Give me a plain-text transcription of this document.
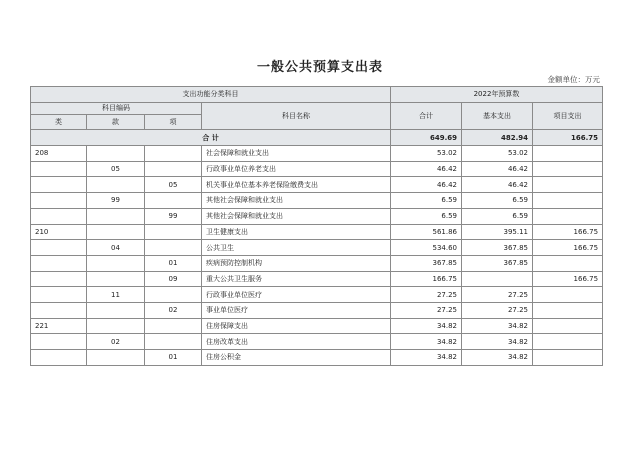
一般公共预算支出表
金额单位：万元
支出功能分类科目				2022年预算数		
科目编码			科目名称	合计	基本支出	项目支出
类	款	项				
合 计				649.69	482.94	166.75
208			社会保障和就业支出	53.02	53.02	
	05		行政事业单位养老支出	46.42	46.42	
		05	机关事业单位基本养老保险缴费支出	46.42	46.42	
	99		其他社会保障和就业支出	6.59	6.59	
		99	其他社会保障和就业支出	6.59	6.59	
210			卫生健康支出	561.86	395.11	166.75
	04		公共卫生	534.60	367.85	166.75
		01	疾病预防控制机构	367.85	367.85	
		09	重大公共卫生服务	166.75		166.75
	11		行政事业单位医疗	27.25	27.25	
		02	事业单位医疗	27.25	27.25	
221			住房保障支出	34.82	34.82	
	02		住房改革支出	34.82	34.82	
		01	住房公积金	34.82	34.82	
